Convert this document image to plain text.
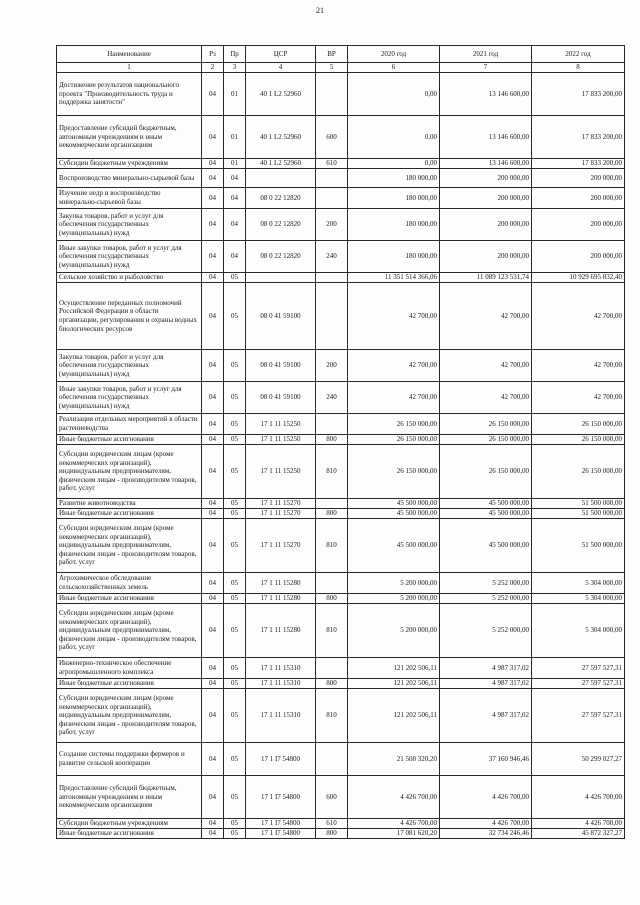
21
Наименование	Рз	Пр	ЦСР	ВР	2020 год	2021 год	2022 год
1	2	3	4	5	6	7	8
Достижение результатов национального проекта "Производительность труда и поддержка занятости"	04	01	40 1 L2 52960		0,00	13 146 600,00	17 833 200,00
Предоставление субсидий бюджетным, автономным учреждениям и иным некоммерческим организациям	04	01	40 1 L2 52960	600	0,00	13 146 600,00	17 833 200,00
Субсидии бюджетным учреждениям	04	01	40 1 L2 52960	610	0,00	13 146 600,00	17 833 200,00
Воспроизводство минерально-сырьевой базы	04	04			180 000,00	200 000,00	200 000,00
Изучение недр и воспроизводство минерально-сырьевой базы	04	04	08 0 22 12820		180 000,00	200 000,00	200 000,00
Закупка товаров, работ и услуг для обеспечения государственных (муниципальных) нужд	04	04	08 0 22 12820	200	180 000,00	200 000,00	200 000,00
Иные закупки товаров, работ и услуг для обеспечения государственных (муниципальных) нужд	04	04	08 0 22 12820	240	180 000,00	200 000,00	200 000,00
Сельское хозяйство и рыболовство	04	05			11 351 514 366,06	11 089 123 531,74	10 929 695 832,40
Осуществление переданных полномочий Российской Федерации в области организации, регулирования и охраны водных биологических ресурсов	04	05	08 0 41 59100		42 700,00	42 700,00	42 700,00
Закупка товаров, работ и услуг для обеспечения государственных (муниципальных) нужд	04	05	08 0 41 59100	200	42 700,00	42 700,00	42 700,00
Иные закупки товаров, работ и услуг для обеспечения государственных (муниципальных) нужд	04	05	08 0 41 59100	240	42 700,00	42 700,00	42 700,00
Реализация отдельных мероприятий в области растениеводства	04	05	17 1 11 15250		26 150 000,00	26 150 000,00	26 150 000,00
Иные бюджетные ассигнования	04	05	17 1 11 15250	800	26 150 000,00	26 150 000,00	26 150 000,00
Субсидии юридическим лицам (кроме некоммерческих организаций), индивидуальным предпринимателям, физическим лицам - производителям товаров, работ, услуг	04	05	17 1 11 15250	810	26 150 000,00	26 150 000,00	26 150 000,00
Развитие животноводства	04	05	17 1 11 15270		45 500 000,00	45 500 000,00	51 500 000,00
Иные бюджетные ассигнования	04	05	17 1 11 15270	800	45 500 000,00	45 500 000,00	51 500 000,00
Субсидии юридическим лицам (кроме некоммерческих организаций), индивидуальным предпринимателям, физическим лицам - производителям товаров, работ, услуг	04	05	17 1 11 15270	810	45 500 000,00	45 500 000,00	51 500 000,00
Агрохимическое обследование сельскохозяйственных земель	04	05	17 1 11 15280		5 200 000,00	5 252 000,00	5 304 000,00
Иные бюджетные ассигнования	04	05	17 1 11 15280	800	5 200 000,00	5 252 000,00	5 304 000,00
Субсидии юридическим лицам (кроме некоммерческих организаций), индивидуальным предпринимателям, физическим лицам - производителям товаров, работ, услуг	04	05	17 1 11 15280	810	5 200 000,00	5 252 000,00	5 304 000,00
Инженерно-техническое обеспечение агропромышленного комплекса	04	05	17 1 11 15310		121 202 506,11	4 987 317,02	27 597 527,31
Иные бюджетные ассигнования	04	05	17 1 11 15310	800	121 202 506,11	4 987 317,02	27 597 527,31
Субсидии юридическим лицам (кроме некоммерческих организаций), индивидуальным предпринимателям, физическим лицам - производителям товаров, работ, услуг	04	05	17 1 11 15310	810	121 202 506,11	4 987 317,02	27 597 527,31
Создание системы поддержки фермеров и развитие сельской кооперации	04	05	17 1 I7 54800		21 508 320,20	37 160 946,46	50 299 027,27
Предоставление субсидий бюджетным, автономным учреждениям и иным некоммерческим организациям	04	05	17 1 I7 54800	600	4 426 700,00	4 426 700,00	4 426 700,00
Субсидии бюджетным учреждениям	04	05	17 1 I7 54800	610	4 426 700,00	4 426 700,00	4 426 700,00
Иные бюджетные ассигнования	04	05	17 1 I7 54800	800	17 081 620,20	32 734 246,46	45 872 327,27
